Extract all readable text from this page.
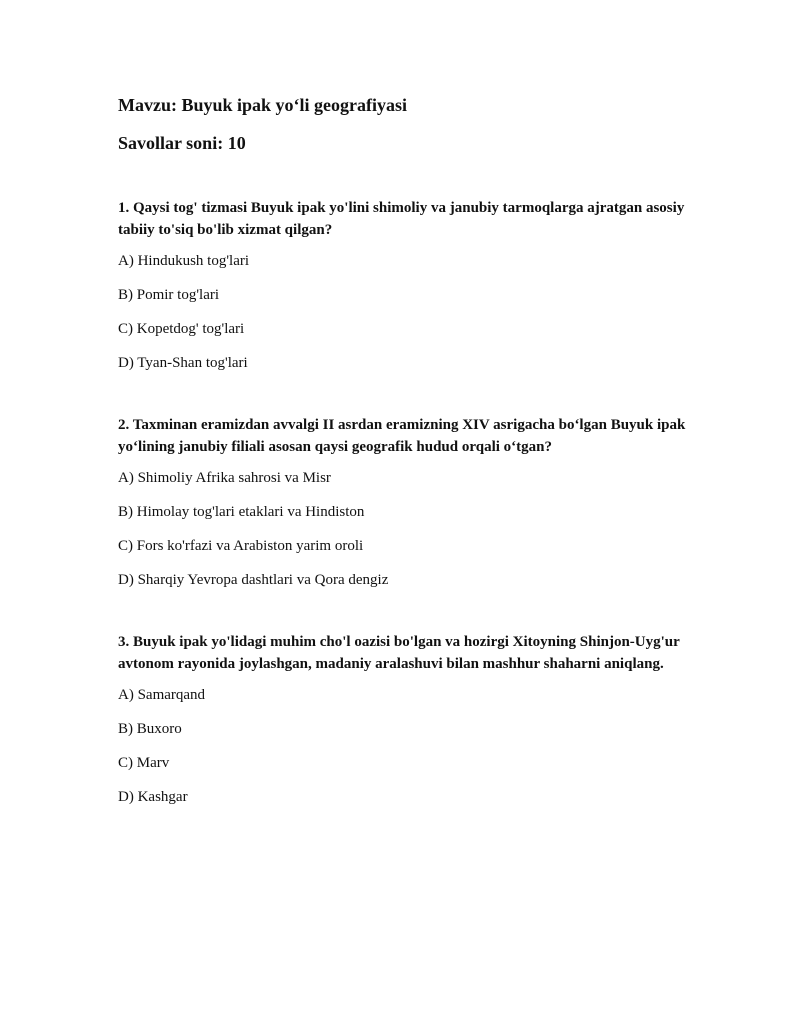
Mavzu: Buyuk ipak yo‘li geografiyasi

Savollar soni: 10

1. Qaysi tog' tizmasi Buyuk ipak yo'lini shimoliy va janubiy tarmoqlarga ajratgan asosiy tabiiy to'siq bo'lib xizmat qilgan?

A) Hindukush tog'lari

B) Pomir tog'lari

C) Kopetdog' tog'lari

D) Tyan-Shan tog'lari

2. Taxminan eramizdan avvalgi II asrdan eramizning XIV asrigacha bo‘lgan Buyuk ipak yo‘lining janubiy filiali asosan qaysi geografik hudud orqali o‘tgan?

A) Shimoliy Afrika sahrosi va Misr

B) Himolay tog'lari etaklari va Hindiston

C) Fors ko'rfazi va Arabiston yarim oroli

D) Sharqiy Yevropa dashtlari va Qora dengiz

3. Buyuk ipak yo'lidagi muhim cho'l oazisi bo'lgan va hozirgi Xitoyning Shinjon-Uyg'ur avtonom rayonida joylashgan, madaniy aralashuvi bilan mashhur shaharni aniqlang.

A) Samarqand

B) Buxoro

C) Marv

D) Kashgar
